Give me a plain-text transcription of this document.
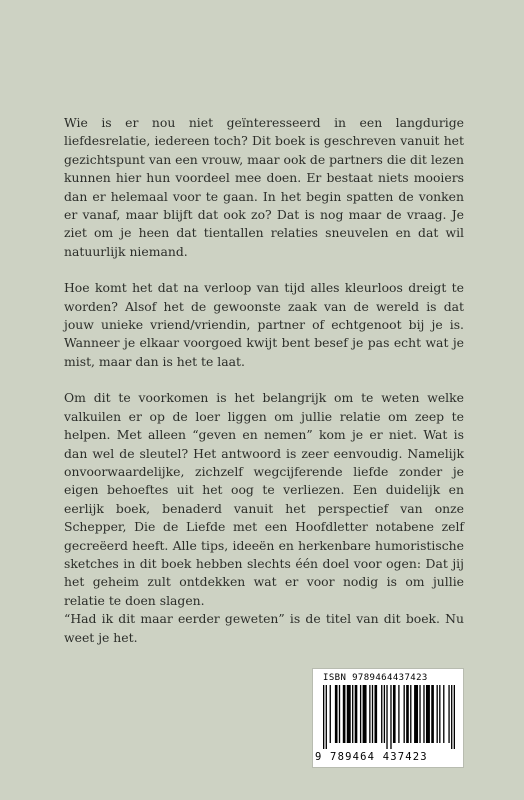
Wie is er nou niet geïnteresseerd in een langdurige liefdesrelatie, iedereen toch? Dit boek is geschreven vanuit het gezichtspunt van een vrouw, maar ook de partners die dit lezen kunnen hier hun voordeel mee doen. Er bestaat niets mooiers dan er helemaal voor te gaan. In het begin spatten de vonken er vanaf, maar blijft dat ook zo? Dat is nog maar de vraag. Je ziet om je heen dat tientallen relaties sneuvelen en dat wil natuurlijk niemand.

Hoe komt het dat na verloop van tijd alles kleurloos dreigt te worden? Alsof het de gewoonste zaak van de wereld is dat jouw unieke vriend/vriendin, partner of echtgenoot bij je is. Wanneer je elkaar voorgoed kwijt bent besef je pas echt wat je mist, maar dan is het te laat.

Om dit te voorkomen is het belangrijk om te weten welke valkuilen er op de loer liggen om jullie relatie om zeep te helpen. Met alleen “geven en nemen” kom je er niet. Wat is dan wel de sleutel? Het antwoord is zeer eenvoudig. Namelijk onvoorwaardelijke, zichzelf wegcijferende liefde zonder je eigen behoeftes uit het oog te verliezen. Een duidelijk en eerlijk boek, benaderd vanuit het perspectief van onze Schepper, Die de Liefde met een Hoofdletter notabene zelf gecreëerd heeft. Alle tips, ideeën en herkenbare humoristische sketches in dit boek hebben slechts één doel voor ogen: Dat jij het geheim zult ontdekken wat er voor nodig is om jullie relatie te doen slagen.
“Had ik dit maar eerder geweten” is de titel van dit boek. Nu weet je het.

ISBN 9789464437423
9 789464 437423
